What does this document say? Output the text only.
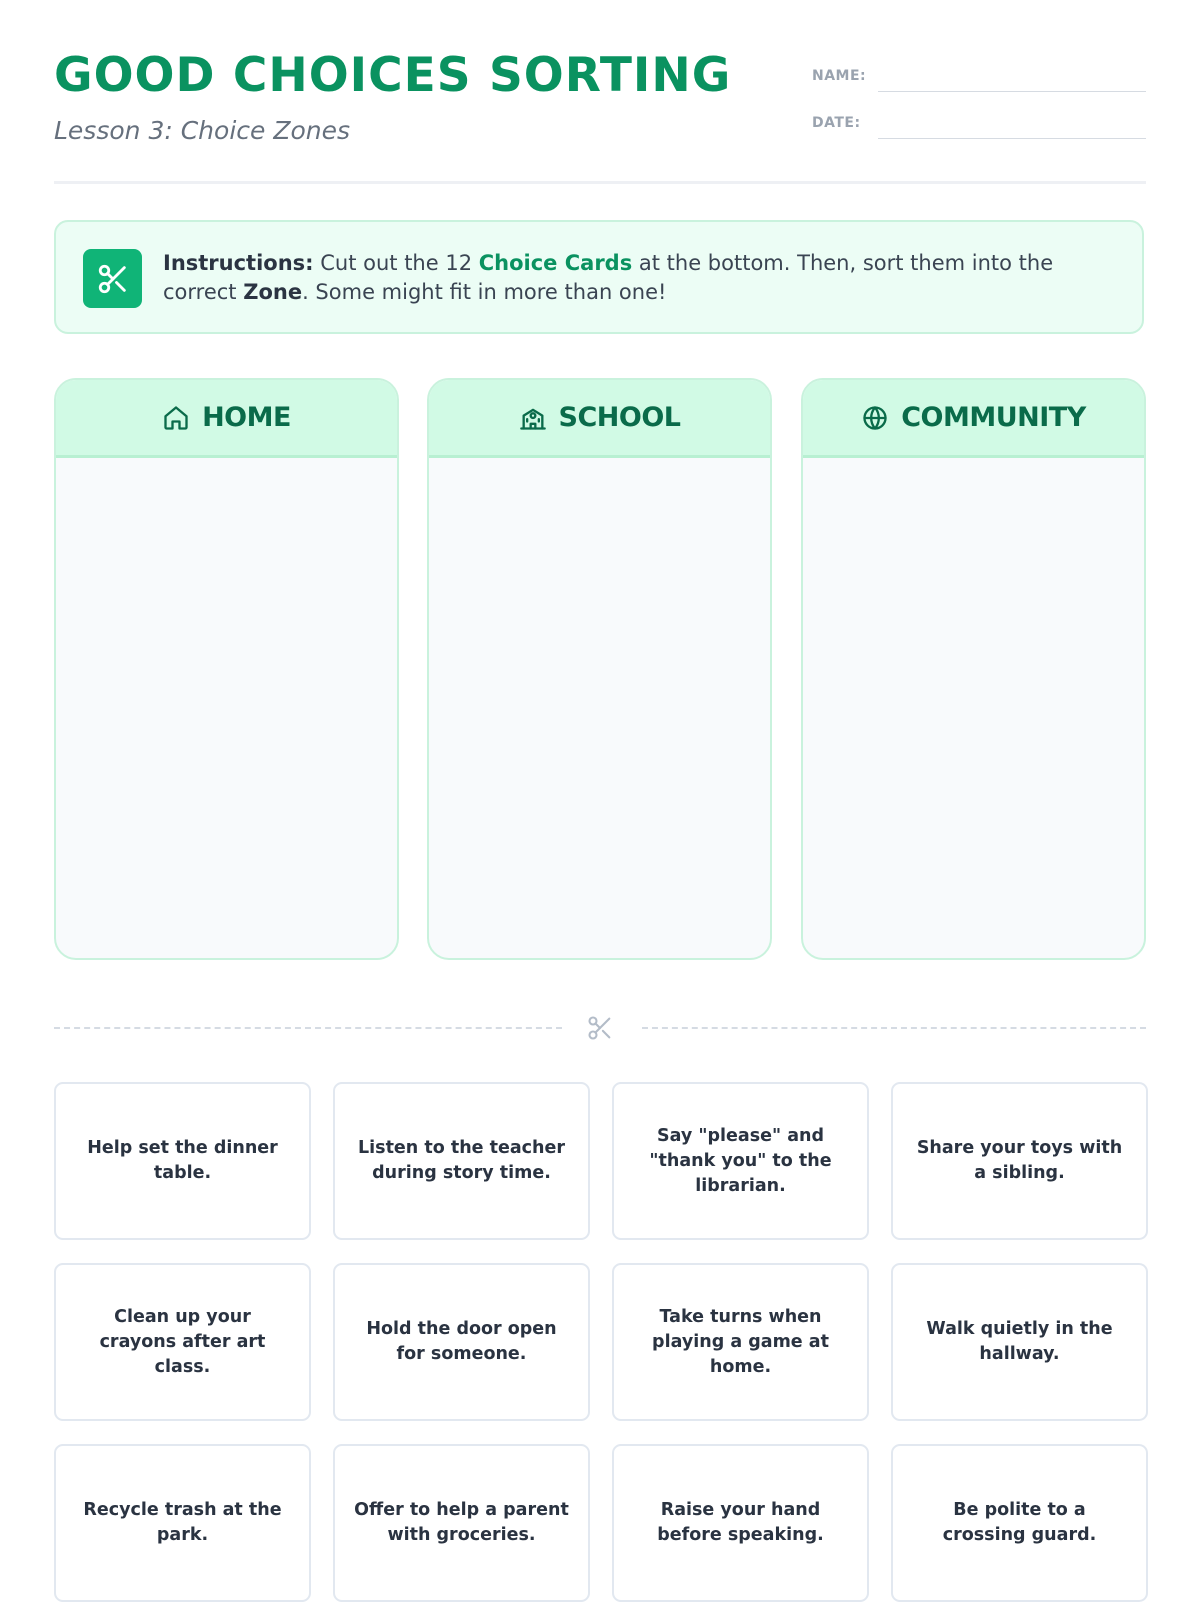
GOOD CHOICES SORTING
Lesson 3: Choice Zones
NAME:
DATE:
Instructions: Cut out the 12 Choice Cards at the bottom. Then, sort them into the correct Zone. Some might fit in more than one!
HOME	SCHOOL	COMMUNITY
Help set the dinner table.
Listen to the teacher during story time.
Say "please" and "thank you" to the librarian.
Share your toys with a sibling.
Clean up your crayons after art class.
Hold the door open for someone.
Take turns when playing a game at home.
Walk quietly in the hallway.
Recycle trash at the park.
Offer to help a parent with groceries.
Raise your hand before speaking.
Be polite to a crossing guard.
